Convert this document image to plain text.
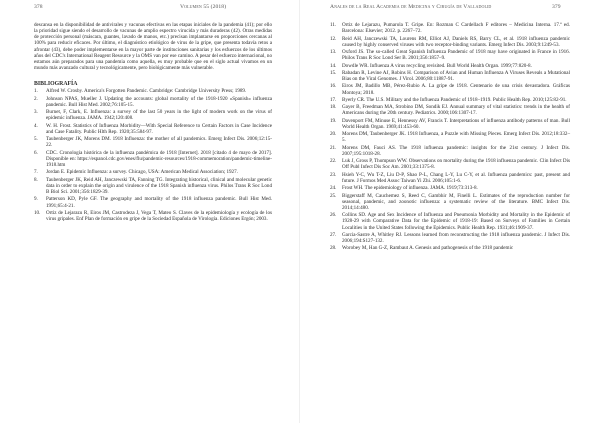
378	Volumen 55 (2018)

descansa en la disponibilidad de antivirales y vacunas efectivas en las etapas iniciales de la pandemia (41); por ello la prioridad sigue siendo el desarrollo de vacunas de amplio espectro virucida y más duraderas (42). Otras medidas de protección personal (máscara, guantes, lavado de manos, etc.) precisan implantarse en proporciones cercanas al 100% para reducir eficaces. Por último, el diagnóstico etiológico de virus de la gripe, que presenta todavía retos a afrontar (43), debe poder implementarse en la mayor parte de instituciones sanitarias y los esfuerzos de los últimos años del CDC's International Reagent Resource y la OMS van por ese camino. A pesar del esfuerzo internacional, no estamos aún preparados para una pandemia como aquella, es muy probable que en el siglo actual vivamos en un mundo más avanzado cultural y tecnológicamente, pero biológicamente más vulnerable.

BIBLIOGRAFÍA

1.	Alfred W. Crosby. America's Forgotten Pandemic. Cambridge: Cambridge University Press; 1989.
2.	Johnson NPAS, Mueller J. Updating the accounts: global mortality of the 1918-1920 «Spanish» influenza pandemic. Bull Hist Med. 2002;76:105-15.
3.	Burnet, F, Clark, E. Influenza: a survey of the last 50 years in the light of modern work on the virus of epidemic influenza. JAMA. 1942;120:408.
4.	W. H. Frost. Statistics of Influenza Morbidity—With Special Reference to Certain Factors in Case Incidence and Case Fatality. Public Hlth Rep. 1920;35:584-97.
5.	Taubenberger JK, Morens DM. 1918 Influenza: the mother of all pandemics. Emerg Infect Dis. 2006;12:15-22.
6.	CDC. Cronología histórica de la influenza pandémica de 1918 [Internet]. 2018 [citado 4 de mayo de 2017]. Disponible en: https://espanol.cdc.gov/enes/flu/pandemic-resources/1918-commemoration/pandemic-timeline-1918.htm
7.	Jordan E. Epidemic Influenza: a survey. Chicago, USA: American Medical Association; 1927.
8.	Taubenberger JK, Reid AH, Janczewski TA, Fanning TG. Integrating historical, clinical and molecular genetic data in order to explain the origin and virulence of the 1918 Spanish influenza virus. Philos Trans R Soc Lond B Biol Sci. 2001;356:1829-39.
9.	Patterson KD, Pyle GF. The geography and mortality of the 1918 influenza pandemic. Bull Hist Med. 1991;65:4-21.
10.	Ortiz de Lejarazu R, Eiros JM, Castrodeza J, Vega T, Mateo S. Claves de la epidemiología y ecología de los virus gripales. Enf Plan de formación en gripe de la Sociedad Española de Virología. Ediciones Ergón; 2003.
Anales de la Real Academia de Medicina y Cirugía de Valladolid	379
11.	Ortiz de Lejarazu, Pumarola T. Gripe. En: Rozman C Cardellach F editores – Medicina Interna. 17.ª ed. Barcelona: Elsevier; 2012. p. 2267–72.
12.	Reid AH, Janczewski TA, Lourens RM, Elliot AJ, Daniels RS, Barry CL, et al. 1918 influenza pandemic caused by highly conserved viruses with two receptor-binding variants. Emerg Infect Dis. 2003;9:1249-53.
13.	Oxford JS. The so-called Great Spanish Influenza Pandemic of 1918 may have originated in France in 1916. Philos Trans R Soc Lond Ser B. 2001;356:1857–9.
14.	Dowdle WR. Influenza A virus recycling revisited. Bull World Health Organ. 1999;77:820-8.
15.	Rabadan R, Levine AJ, Robins H. Comparison of Avian and Human Influenza A Viruses Reveals a Mutational Bias on the Viral Genomes. J Virol. 2006;80:11887-91.
16.	Eiros JM, Badillo MB, Pérez-Rubio A. La gripe de 1918. Centenario de una crisis devastadora. Gráficas Montoya; 2018.
17.	Byerly CR. The U.S. Military and the Influenza Pandemic of 1918–1919. Public Health Rep. 2010;125:82-91.
18.	Gayer B, Freedman MA, Strobino DM, Sondik EJ. Annual summary of vital statistics: trends in the health of Americans during the 20th century. Pediatrics. 2000;106:1307-17.
19.	Davenport FM, Minuse E, Hennessy AV, Francis T. Interpretations of influenza antibody patterns of man. Bull World Health Organ. 1969;41:453-60.
20.	Morens DM, Taubenberger JK. 1918 Influenza, a Puzzle with Missing Pieces. Emerg Infect Dis. 2012;18:332–5.
21.	Morens DM, Fauci AS. The 1918 influenza pandemic: insights for the 21st century. J Infect Dis. 2007;195:1018-28.
22.	Luk J, Gross P, Thompson WW. Observations on mortality during the 1918 influenza pandemic. Clin Infect Dis Off Publ Infect Dis Soc Am. 2001;33:1375-8.
23.	Hsieh Y-C, Wu T-Z, Liu D-P, Shao P-L, Chang L-Y, Lu C-Y, et al. Influenza pandemics: past, present and future. J Formos Med Assoc Taiwan Yi Zhi. 2006;105:1-6.
24.	Frost WH. The epidemiology of influenza. JAMA. 1919;73:313-8.
25.	Biggerstaff M, Cauchemez S, Reed C, Gambhir M, Finelli L. Estimates of the reproduction number for seasonal, pandemic, and zoonotic influenza: a systematic review of the literature. BMC Infect Dis. 2014;14:480.
26.	Collins SD. Age and Sex Incidence of Influenza and Pneumonia Morbidity and Mortality in the Epidemic of 1928-29 with Comparative Data for the Epidemic of 1918-19: Based on Surveys of Families in Certain Localities in the United States following the Epidemics. Public Health Rep. 1931;46:1909-37.
27.	Garcia-Sastre A, Whitley RJ. Lessons learned from reconstructing the 1918 influenza pandemic. J Infect Dis. 2006;194:S127-132.
28.	Worobey M, Han G-Z, Rambaut A. Genesis and pathogenesis of the 1918 pandemic
